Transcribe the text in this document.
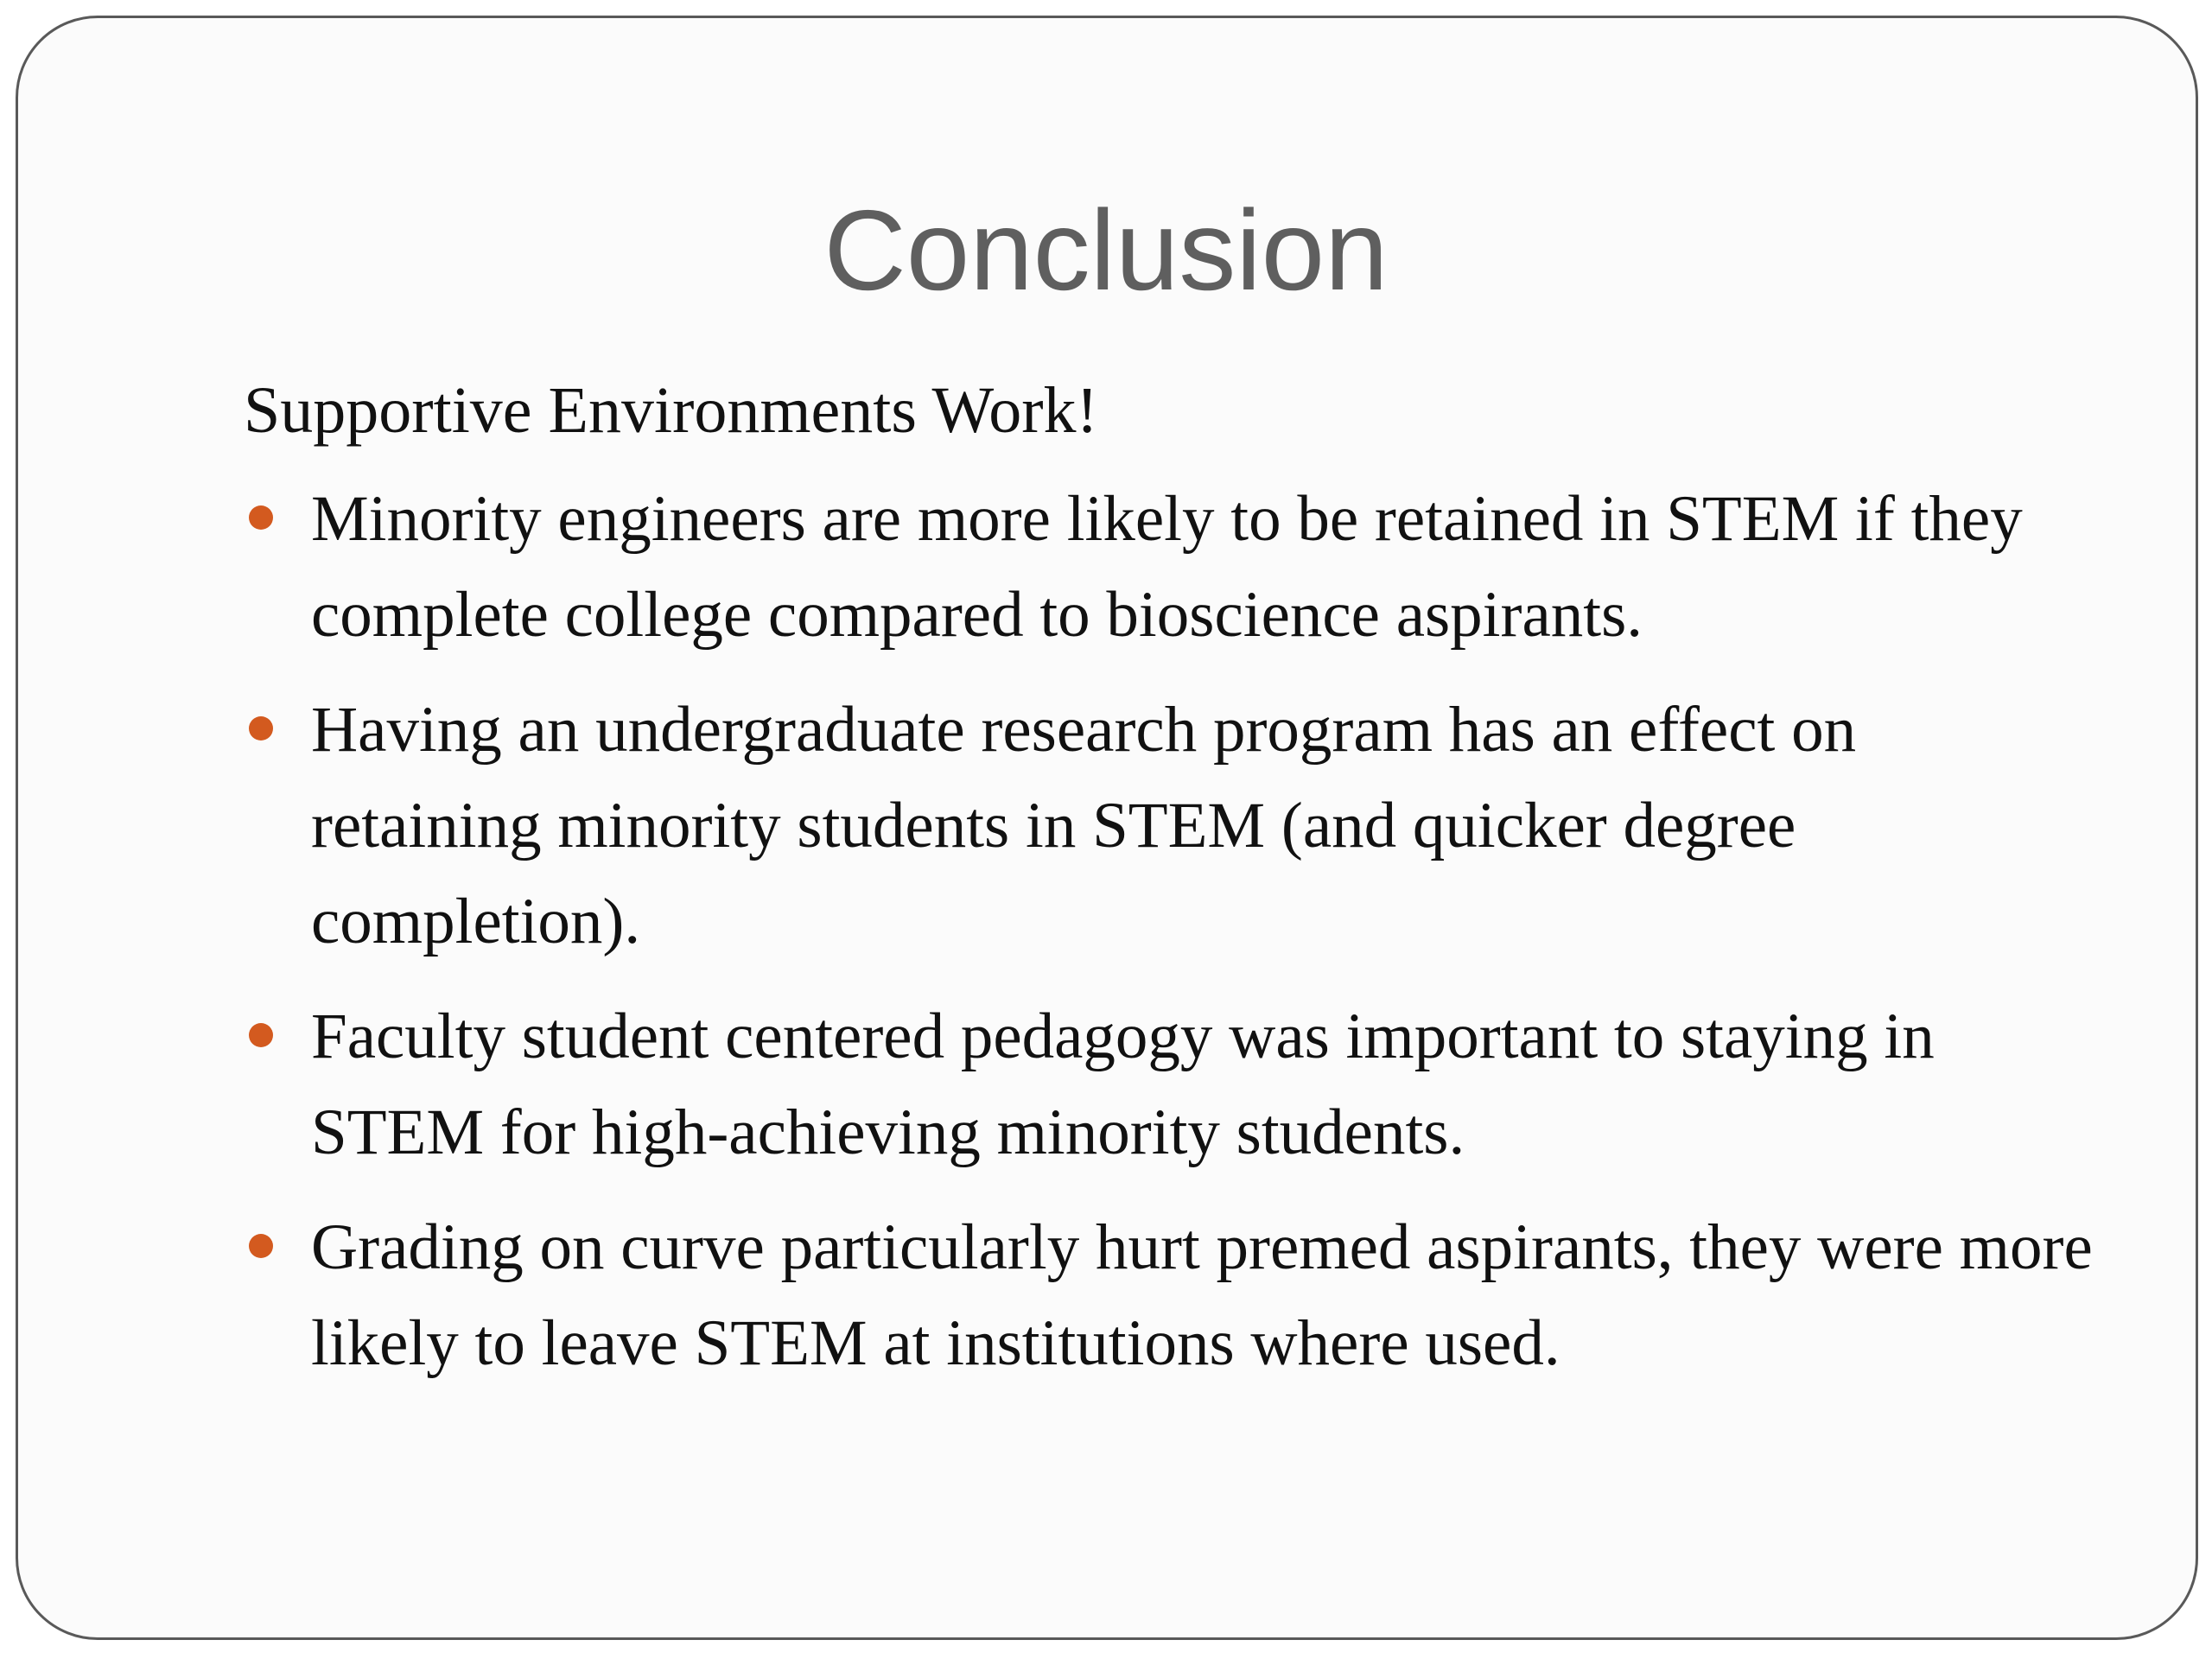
Conclusion

Supportive Environments Work!

Minority engineers are more likely to be retained in STEM if they complete college compared to bioscience aspirants.
Having an undergraduate research program has an effect on retaining minority students in STEM (and quicker degree completion).
Faculty student centered pedagogy was important to staying in STEM for high-achieving minority students.
Grading on curve particularly hurt premed aspirants, they were more likely to leave STEM at institutions where used.
